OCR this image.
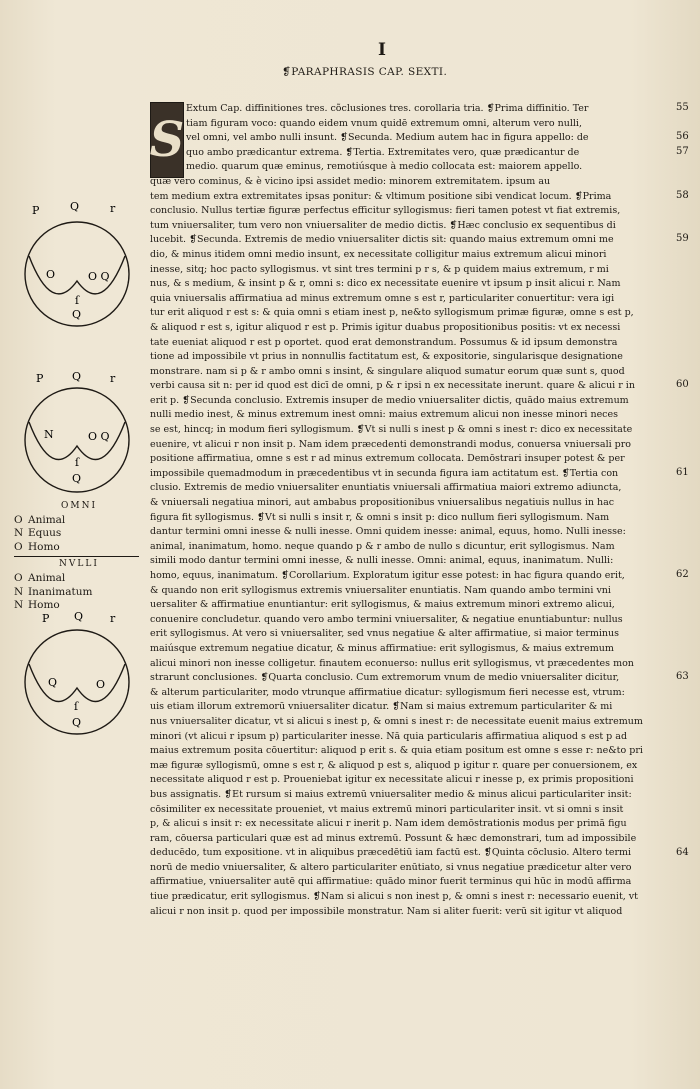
I
❡PARAPHRASIS CAP. SEXTI.
S
Extum Cap. diffinitiones tres. cõclusiones tres. corollaria tria. ❡Prima diffinitio. Ter
tiam figuram voco: quando eidem vnum quidē extremum omni, alterum vero nulli,
vel omni, vel ambo nulli insunt. ❡Secunda. Medium autem hac in figura appello: de
quo ambo prædicantur extrema. ❡Tertia. Extremitates vero, quæ prædicantur de
medio. quarum quæ eminus, remotiúsque à medio collocata est: maiorem appello.
quæ vero cominus, & è vicino ipsi assidet medio: minorem extremitatem. ipsum au
tem medium extra extremitates ipsas ponitur: & vltimum positione sibi vendicat locum. ❡Prima
conclusio. Nullus tertiæ figuræ perfectus efficitur syllogismus: fieri tamen potest vt fiat extremis,
tum vniuersaliter, tum vero non vniuersaliter de medio dictis. ❡Hæc conclusio ex sequentibus di
lucebit. ❡Secunda. Extremis de medio vniuersaliter dictis sit: quando maius extremum omni me
dio, & minus itidem omni medio insunt, ex necessitate colligitur maius extremum alicui minori
inesse, sitq; hoc pacto syllogismus. vt sint tres termini p r s, & p quidem maius extremum, r mi
nus, & s medium, & insint p & r, omni s: dico ex necessitate euenire vt ipsum p insit alicui r. Nam
quia vniuersalis affirmatiua ad minus extremum omne s est r, particulariter conuertitur: vera igi
tur erit aliquod r est s: & quia omni s etiam inest p, ne&to syllogismum primæ figuræ, omne s est p,
& aliquod r est s, igitur aliquod r est p. Primis igitur duabus propositionibus positis: vt ex necessi
tate eueniat aliquod r est p oportet. quod erat demonstrandum. Possumus & id ipsum demonstra
tione ad impossibile vt prius in nonnullis factitatum est, & expositorie, singularisque designatione
monstrare. nam si p & r ambo omni s insint, & singulare aliquod sumatur eorum quæ sunt s, quod
verbi causa sit n: per id quod est dicī de omni, p & r ipsi n ex necessitate inerunt. quare & alicui r in
erit p. ❡Secunda conclusio. Extremis insuper de medio vniuersaliter dictis, quādo maius extremum
nulli medio inest, & minus extremum inest omni: maius extremum alicui non inesse minori neces
se est, hincq; in modum fieri syllogismum. ❡Vt si nulli s inest p & omni s inest r: dico ex necessitate
euenire, vt alicui r non insit p. Nam idem præcedenti demonstrandi modus, conuersa vniuersali pro
positione affirmatiua, omne s est r ad minus extremum collocata. Demōstrari insuper potest & per
impossibile quemadmodum in præcedentibus vt in secunda figura iam actitatum est. ❡Tertia con
clusio. Extremis de medio vniuersaliter enuntiatis vniuersali affirmatiua maiori extremo adiuncta,
& vniuersali negatiua minori, aut ambabus propositionibus vniuersalibus negatiuis nullus in hac
figura fit syllogismus. ❡Vt si nulli s insit r, & omni s insit p: dico nullum fieri syllogismum. Nam
dantur termini omni inesse & nulli inesse. Omni quidem inesse: animal, equus, homo. Nulli inesse:
animal, inanimatum, homo. neque quando p & r ambo de nullo s dicuntur, erit syllogismus. Nam
simili modo dantur termini omni inesse, & nulli inesse. Omni: animal, equus, inanimatum. Nulli:
homo, equus, inanimatum. ❡Corollarium. Exploratum igitur esse potest: in hac figura quando erit,
& quando non erit syllogismus extremis vniuersaliter enuntiatis. Nam quando ambo termini vni
uersaliter & affirmatiue enuntiantur: erit syllogismus, & maius extremum minori extremo alicui,
conuenire concludetur. quando vero ambo termini vniuersaliter, & negatiue enuntiabuntur: nullus
erit syllogismus. At vero si vniuersaliter, sed vnus negatiue & alter affirmatiue, si maior terminus
maiúsque extremum negatiue dicatur, & minus affirmatiue: erit syllogismus, & maius extremum
alicui minori non inesse colligetur. finautem econuerso: nullus erit syllogismus, vt præcedentes mon
strarunt conclusiones. ❡Quarta conclusio. Cum extremorum vnum de medio vniuersaliter dicitur,
& alterum particulariter, modo vtrunque affirmatiue dicatur: syllogismum fieri necesse est, vtrum:
uis etiam illorum extremorū vniuersaliter dicatur. ❡Nam si maius extremum particulariter & mi
nus vniuersaliter dicatur, vt si alicui s inest p, & omni s inest r: de necessitate euenit maius extremum
minori (vt alicui r ipsum p) particulariter inesse. Nā quia particularis affirmatiua aliquod s est p ad
maius extremum posita cōuertitur: aliquod p erit s. & quia etiam positum est omne s esse r: ne&to pri
mæ figuræ syllogismū, omne s est r, & aliquod p est s, aliquod p igitur r. quare per conuersionem, ex
necessitate aliquod r est p. Proueniebat igitur ex necessitate alicui r inesse p, ex primis propositioni
bus assignatis. ❡Et rursum si maius extremū vniuersaliter medio & minus alicui particulariter insit:
cōsimiliter ex necessitate proueniet, vt maius extremū minori particulariter insit. vt si omni s insit
p, & alicui s insit r: ex necessitate alicui r inerit p. Nam idem demōstrationis modus per primā figu
ram, cōuersa particulari quæ est ad minus extremū. Possunt & hæc demonstrari, tum ad impossibile
deducēdo, tum expositione. vt in aliquibus præcedētiū iam factū est. ❡Quinta cōclusio. Altero termi
norū de medio vniuersaliter, & altero particulariter enūtiato, si vnus negatiue prædicetur alter vero
affirmatiue, vniuersaliter autē qui affirmatiue: quādo minor fuerit terminus qui hūc in modū affirma
tiue prædicatur, erit syllogismus. ❡Nam si alicui s non inest p, & omni s inest r: necessario euenit, vt
alicui r non insit p. quod per impossibile monstratur. Nam si aliter fuerit: verū sit igitur vt aliquod
55
56
57
58
59
60
61
62
63
64
P	Q	r
O	O Q
ſ
Q
P	Q	r
N	O Q
ſ
Q
OMNI
O Animal
N Equus
O Homo
NVLLI
O Animal
N Inanimatum
N Homo
P Q r
Q	O
ſ
Q
